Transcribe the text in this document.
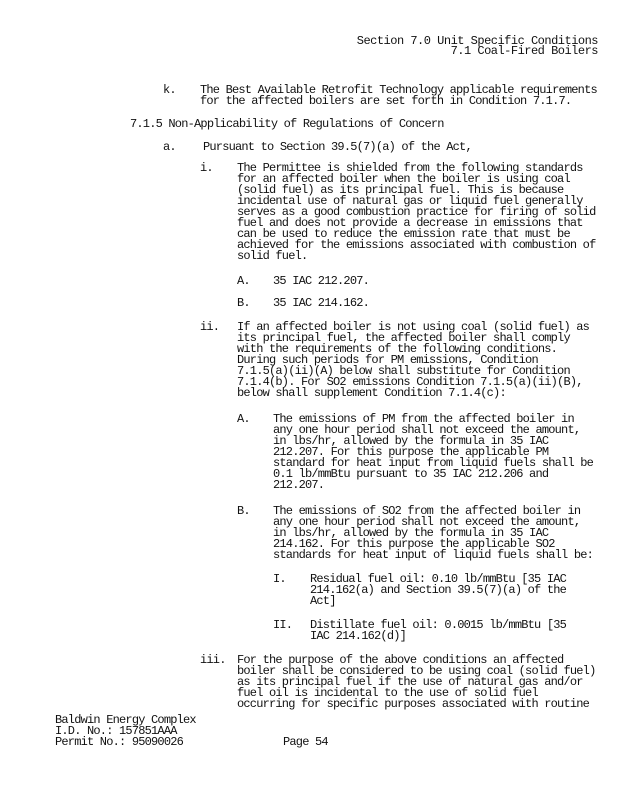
Section 7.0 Unit Specific Conditions
7.1 Coal-Fired Boilers
k. The Best Available Retrofit Technology applicable requirements
for the affected boilers are set forth in Condition 7.1.7.
7.1.5 Non-Applicability of Regulations of Concern
a. Pursuant to Section 39.5(7)(a) of the Act,
i. The Permittee is shielded from the following standards
for an affected boiler when the boiler is using coal
(solid fuel) as its principal fuel. This is because
incidental use of natural gas or liquid fuel generally
serves as a good combustion practice for firing of solid
fuel and does not provide a decrease in emissions that
can be used to reduce the emission rate that must be
achieved for the emissions associated with combustion of
solid fuel.
A. 35 IAC 212.207.
B. 35 IAC 214.162.
ii. If an affected boiler is not using coal (solid fuel) as
its principal fuel, the affected boiler shall comply
with the requirements of the following conditions.
During such periods for PM emissions, Condition
7.1.5(a)(ii)(A) below shall substitute for Condition
7.1.4(b). For SO2 emissions Condition 7.1.5(a)(ii)(B),
below shall supplement Condition 7.1.4(c):
A. The emissions of PM from the affected boiler in
any one hour period shall not exceed the amount,
in lbs/hr, allowed by the formula in 35 IAC
212.207. For this purpose the applicable PM
standard for heat input from liquid fuels shall be
0.1 lb/mmBtu pursuant to 35 IAC 212.206 and
212.207.
B. The emissions of SO2 from the affected boiler in
any one hour period shall not exceed the amount,
in lbs/hr, allowed by the formula in 35 IAC
214.162. For this purpose the applicable SO2
standards for heat input of liquid fuels shall be:
I. Residual fuel oil: 0.10 lb/mmBtu [35 IAC
214.162(a) and Section 39.5(7)(a) of the
Act]
II. Distillate fuel oil: 0.0015 lb/mmBtu [35
IAC 214.162(d)]
iii. For the purpose of the above conditions an affected
boiler shall be considered to be using coal (solid fuel)
as its principal fuel if the use of natural gas and/or
fuel oil is incidental to the use of solid fuel
occurring for specific purposes associated with routine
Baldwin Energy Complex
I.D. No.: 157851AAA
Permit No.: 95090026	Page 54
